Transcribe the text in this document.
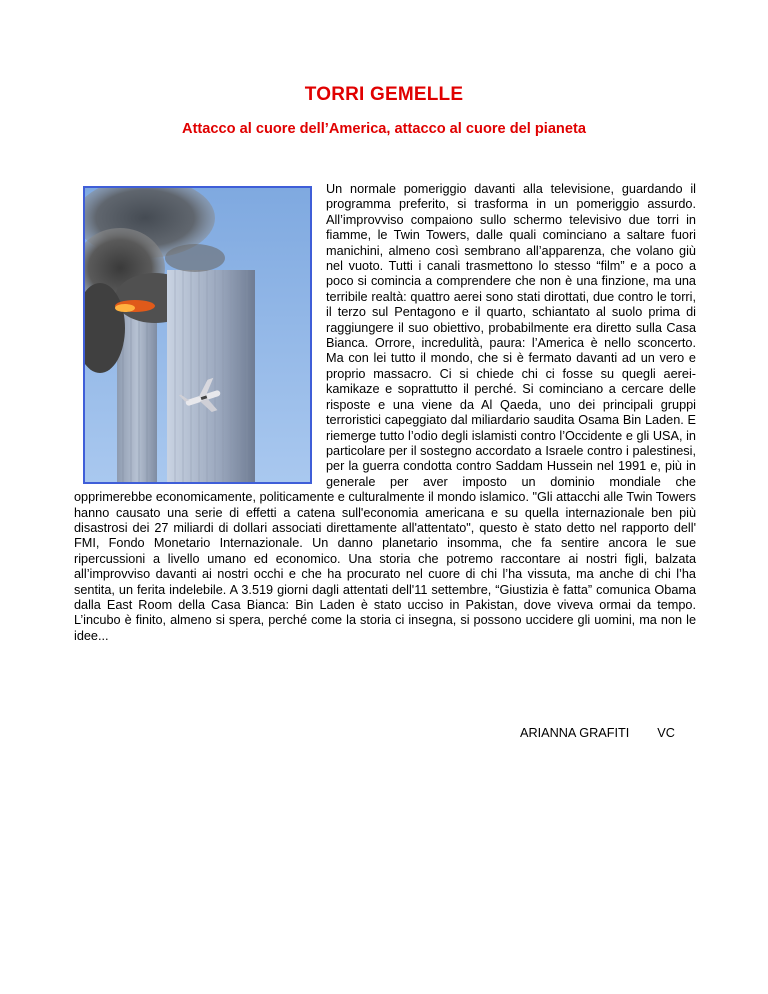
TORRI GEMELLE
Attacco al cuore dell’America, attacco al cuore del pianeta

Un normale pomeriggio davanti alla televisione, guardando il programma preferito, si trasforma in un pomeriggio assurdo. All’improvviso compaiono sullo schermo televisivo due torri in fiamme, le Twin Towers, dalle quali cominciano a saltare fuori manichini, almeno così sembrano all’apparenza, che volano giù nel vuoto. Tutti i canali trasmettono lo stesso “film” e a poco a poco si comincia a comprendere che non è una finzione, ma una terribile realtà: quattro aerei sono stati dirottati, due contro le torri, il terzo sul Pentagono e il quarto, schiantato al suolo prima di raggiungere il suo obiettivo, probabilmente era diretto sulla Casa Bianca. Orrore, incredulità, paura: l’America è nello sconcerto. Ma con lei tutto il mondo, che si è fermato davanti ad un vero e proprio massacro. Ci si chiede chi ci fosse su quegli aerei-kamikaze e soprattutto il perché. Si cominciano a cercare delle risposte e una viene da Al Qaeda, uno dei principali gruppi terroristici capeggiato dal miliardario saudita Osama Bin Laden. E riemerge tutto l’odio degli islamisti contro l’Occidente e gli USA, in particolare per il sostegno accordato a Israele contro i palestinesi, per la guerra condotta contro Saddam Hussein nel 1991 e, più in generale per aver imposto un dominio mondiale che opprimerebbe economicamente, politicamente e culturalmente il mondo islamico. "Gli attacchi alle Twin Towers hanno causato una serie di effetti a catena sull'economia americana e su quella internazionale ben più disastrosi dei 27 miliardi di dollari associati direttamente all'attentato", questo è stato detto nel rapporto dell' FMI, Fondo Monetario Internazionale. Un danno planetario insomma, che fa sentire ancora le sue ripercussioni a livello umano ed economico. Una storia che potremo raccontare ai nostri figli, balzata all’improvviso davanti ai nostri occhi e che ha procurato nel cuore di chi l’ha vissuta, ma anche di chi l’ha sentita, un ferita indelebile. A 3.519 giorni dagli attentati dell'11 settembre, “Giustizia è fatta” comunica Obama dalla East Room della Casa Bianca: Bin Laden è stato ucciso in Pakistan, dove viveva ormai da tempo. L’incubo è finito, almeno si spera, perché come la storia ci insegna, si possono uccidere gli uomini, ma non le idee...

ARIANNA GRAFITI VC
